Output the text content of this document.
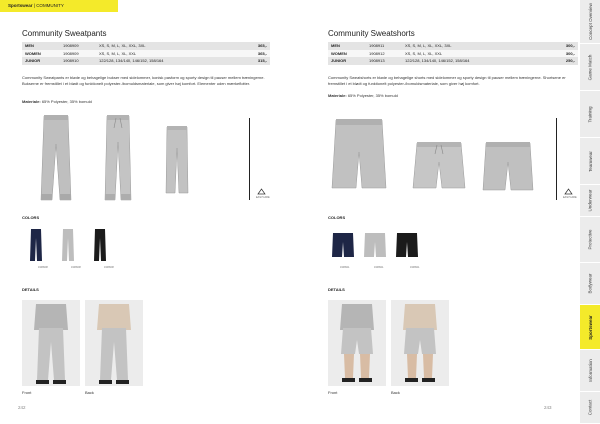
Sportswear | COMMUNITY
Community Sweatpants
MEN	1908909	XS, S, M, L, XL, XXL, 3XL	365,-
WOMEN	1908909	XS, S, M, L, XL, XXL	365,-
JUNIOR	1908910	122/128, 134/140, 146/152, 158/164	315,-
Community Sweatpants er bløde og behagelige bukser med sidelommer, konisk pasform og sporty design til pauser mellem træningerne. Bukserne er fremstillet i et blødt og funktionelt polyester-/bomuldsmateriale, som giver høj komfort. Elementer uden mærkeflotter.
Materiale: 65% Polyester, 35% bomuld
EASYCARE
COLORS
1908908	1908908	1908908
DETAILS
Front	Back
242
Community Sweatshorts
MEN	1908911	XS, S, M, L, XL, XXL, 3XL	300,-
WOMEN	1908912	XS, S, M, L, XL, XXL	300,-
JUNIOR	1908913	122/128, 134/140, 146/152, 158/164	250,-
Community Sweatshorts er bløde og behagelige shorts med sidelommer og sporty design til pauser mellem træningerne. Shortsene er fremstillet i et blødt og funktionelt polyester-/bomuldsmateriale, som giver høj komfort.
Materiale: 65% Polyester, 35% bomuld
EASYCARE
COLORS
1908911	1908911	1908911
DETAILS
Front	Back
243
Concept Overview
Game Match
Training
Teamwear
Underwear
Protective
Bodywear
Sportswear
Information
Contact
